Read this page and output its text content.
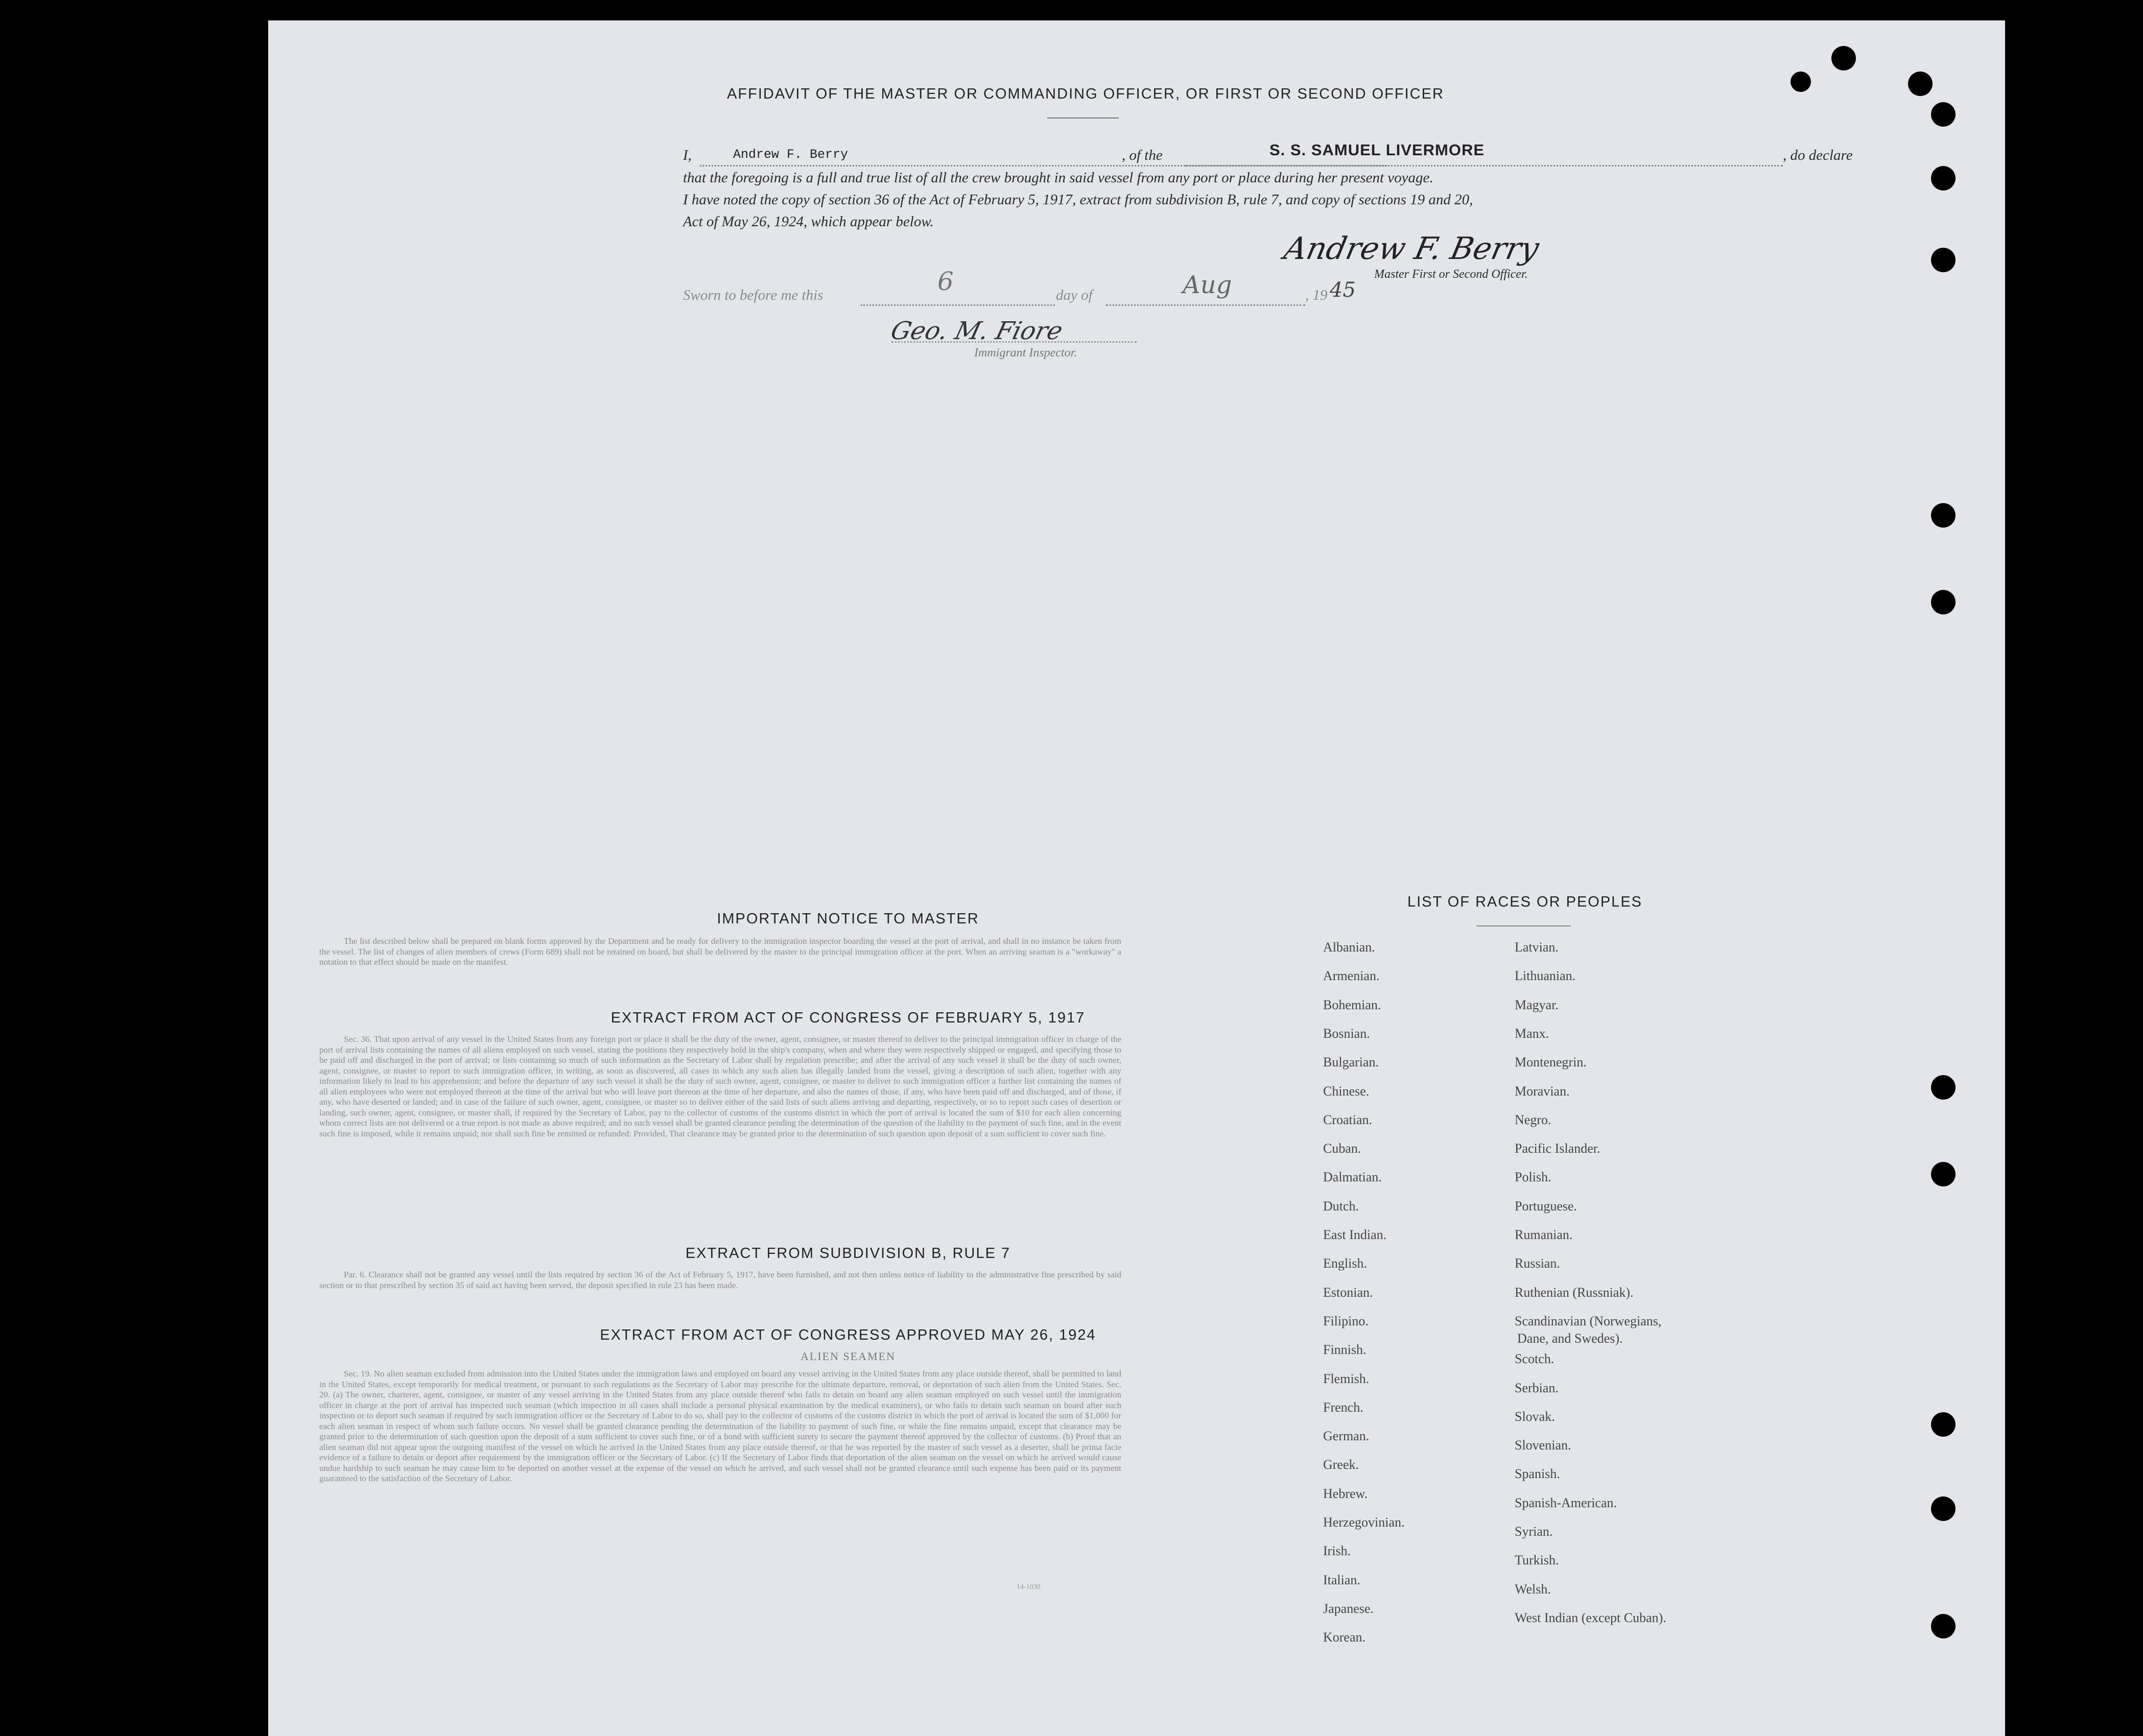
AFFIDAVIT OF THE MASTER OR COMMANDING OFFICER, OR FIRST OR SECOND OFFICER
I,	Andrew F. Berry	, of the	S. S. SAMUEL LIVERMORE	, do declare
that the foregoing is a full and true list of all the crew brought in said vessel from any port or place during her present voyage.
I have noted the copy of section 36 of the Act of February 5, 1917, extract from subdivision B, rule 7, and copy of sections 19 and 20,
Act of May 26, 1924, which appear below.
Andrew F. Berry
Master First or Second Officer.
Sworn to before me this	6	day of	Aug	, 19 45
Geo. M. Fiore
Immigrant Inspector.
IMPORTANT NOTICE TO MASTER
The list described below shall be prepared on blank forms approved by the Department and be ready for delivery to the immigration inspector boarding the vessel at the port of arrival, and shall in no instance be taken from the vessel. The list of changes of alien members of crews (Form 689) shall not be retained on board, but shall be delivered by the master to the principal immigration officer at the port. When an arriving seaman is a "workaway" a notation to that effect should be made on the manifest.
EXTRACT FROM ACT OF CONGRESS OF FEBRUARY 5, 1917
Sec. 36. That upon arrival of any vessel in the United States from any foreign port or place it shall be the duty of the owner, agent, consignee, or master thereof to deliver to the principal immigration officer in charge of the port of arrival lists containing the names of all aliens employed on such vessel, stating the positions they respectively hold in the ship's company, when and where they were respectively shipped or engaged, and specifying those to be paid off and discharged in the port of arrival; or lists containing so much of such information as the Secretary of Labor shall by regulation prescribe; and after the arrival of any such vessel it shall be the duty of such owner, agent, consignee, or master to report to such immigration officer, in writing, as soon as discovered, all cases in which any such alien has illegally landed from the vessel, giving a description of such alien, together with any information likely to lead to his apprehension; and before the departure of any such vessel it shall be the duty of such owner, agent, consignee, or master to deliver to such immigration officer a further list containing the names of all alien employees who were not employed thereon at the time of the arrival but who will leave port thereon at the time of her departure, and also the names of those, if any, who have been paid off and discharged, and of those, if any, who have deserted or landed; and in case of the failure of such owner, agent, consignee, or master so to deliver either of the said lists of such aliens arriving and departing, respectively, or so to report such cases of desertion or landing, such owner, agent, consignee, or master shall, if required by the Secretary of Labor, pay to the collector of customs of the customs district in which the port of arrival is located the sum of $10 for each alien concerning whom correct lists are not delivered or a true report is not made as above required; and no such vessel shall be granted clearance pending the determination of the question of the liability to the payment of such fine, and in the event such fine is imposed, while it remains unpaid; nor shall such fine be remitted or refunded: Provided, That clearance may be granted prior to the determination of such question upon deposit of a sum sufficient to cover such fine.
EXTRACT FROM SUBDIVISION B, RULE 7
Par. 6. Clearance shall not be granted any vessel until the lists required by section 36 of the Act of February 5, 1917, have been furnished, and not then unless notice of liability to the administrative fine prescribed by said section or to that prescribed by section 35 of said act having been served, the deposit specified in rule 23 has been made.
EXTRACT FROM ACT OF CONGRESS APPROVED MAY 26, 1924
ALIEN SEAMEN
Sec. 19. No alien seaman excluded from admission into the United States under the immigration laws and employed on board any vessel arriving in the United States from any place outside thereof, shall be permitted to land in the United States, except temporarily for medical treatment, or pursuant to such regulations as the Secretary of Labor may prescribe for the ultimate departure, removal, or deportation of such alien from the United States. Sec. 20. (a) The owner, charterer, agent, consignee, or master of any vessel arriving in the United States from any place outside thereof who fails to detain on board any alien seaman employed on such vessel until the immigration officer in charge at the port of arrival has inspected such seaman (which inspection in all cases shall include a personal physical examination by the medical examiners), or who fails to detain such seaman on board after such inspection or to deport such seaman if required by such immigration officer or the Secretary of Labor to do so, shall pay to the collector of customs of the customs district in which the port of arrival is located the sum of $1,000 for each alien seaman in respect of whom such failure occurs. No vessel shall be granted clearance pending the determination of the liability to payment of such fine, or while the fine remains unpaid, except that clearance may be granted prior to the determination of such question upon the deposit of a sum sufficient to cover such fine, or of a bond with sufficient surety to secure the payment thereof approved by the collector of customs. (b) Proof that an alien seaman did not appear upon the outgoing manifest of the vessel on which he arrived in the United States from any place outside thereof, or that he was reported by the master of such vessel as a deserter, shall be prima facie evidence of a failure to detain or deport after requirement by the immigration officer or the Secretary of Labor. (c) If the Secretary of Labor finds that deportation of the alien seaman on the vessel on which he arrived would cause undue hardship to such seaman he may cause him to be deported on another vessel at the expense of the vessel on which he arrived, and such vessel shall not be granted clearance until such expense has been paid or its payment guaranteed to the satisfaction of the Secretary of Labor.
14-1030
LIST OF RACES OR PEOPLES
Albanian.
Armenian.
Bohemian.
Bosnian.
Bulgarian.
Chinese.
Croatian.
Cuban.
Dalmatian.
Dutch.
East Indian.
English.
Estonian.
Filipino.
Finnish.
Flemish.
French.
German.
Greek.
Hebrew.
Herzegovinian.
Irish.
Italian.
Japanese.
Korean.
Latvian.
Lithuanian.
Magyar.
Manx.
Montenegrin.
Moravian.
Negro.
Pacific Islander.
Polish.
Portuguese.
Rumanian.
Russian.
Ruthenian (Russniak).
Scandinavian (Norwegians,
Dane, and Swedes).
Scotch.
Serbian.
Slovak.
Slovenian.
Spanish.
Spanish-American.
Syrian.
Turkish.
Welsh.
West Indian (except Cuban).
